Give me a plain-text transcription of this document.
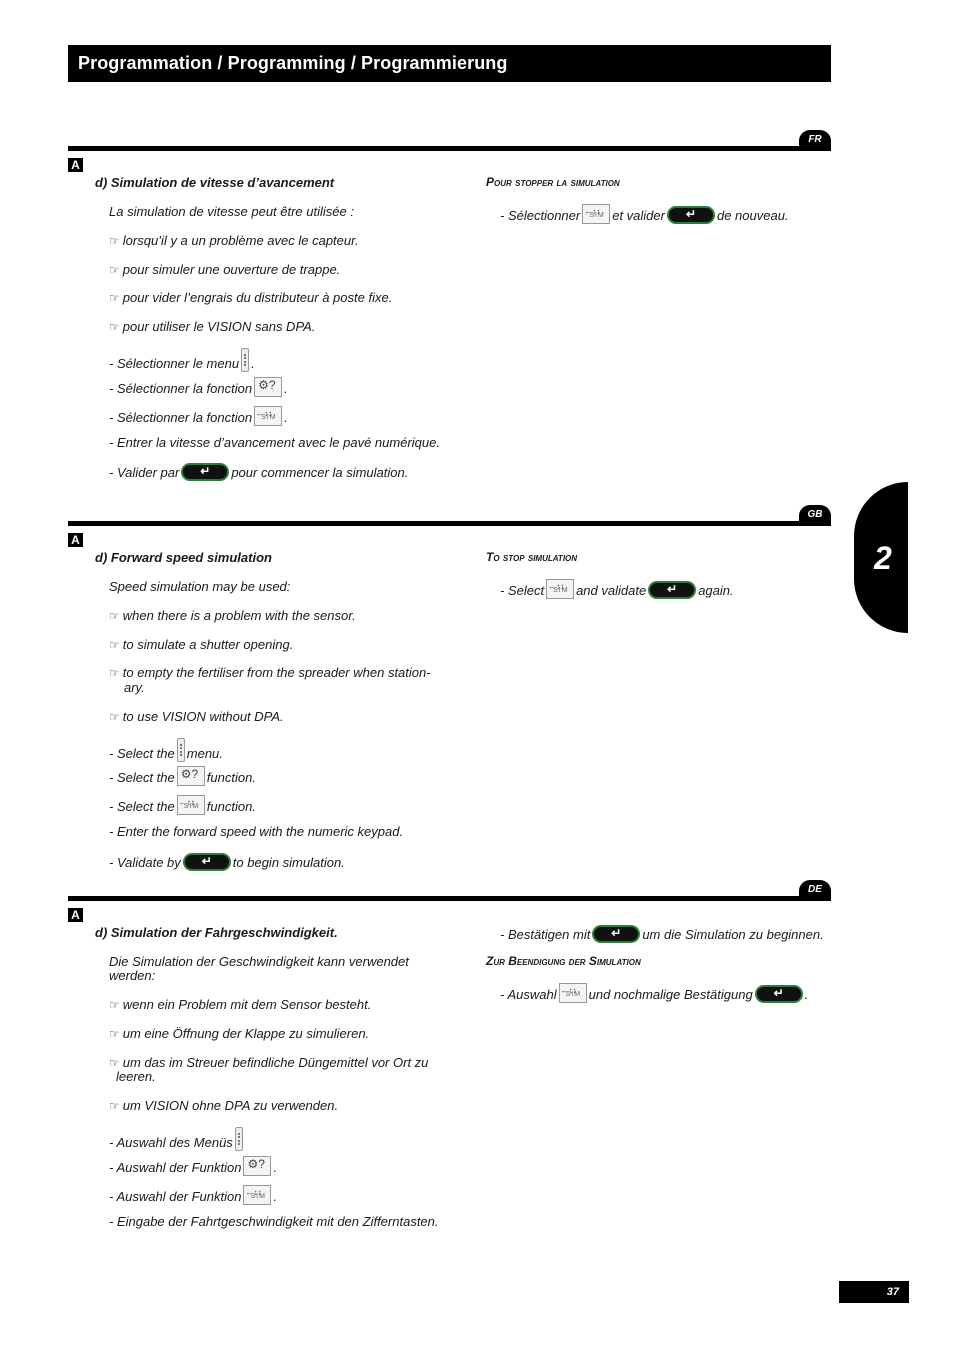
Programmation / Programming / Programmierung
FR
A
d) Simulation de vitesse d’avancement
La simulation de vitesse peut être utilisée :
☞ lorsqu’il y a un problème avec le capteur.
☞ pour simuler une ouverture de trappe.
☞ pour vider l’engrais du distributeur à poste fixe.
☞ pour utiliser le VISION sans DPA.
- Sélectionner le menu .
- Sélectionner la fonction ⚙? .
- Sélectionner la fonction ←↕↕ SIM .
- Entrer la vitesse d’avancement avec le pavé numérique.
- Valider par ↵	pour commencer la simulation.
Pour stopper la simulation
- Sélectionner ←↕↕ SIM et valider ↵	de nouveau.
GB
A
d) Forward speed simulation
Speed simulation may be used:
☞ when there is a problem with the sensor.
☞ to simulate a shutter opening.
☞ to empty the fertiliser from the spreader when station-
ary.
☞ to use VISION without DPA.
- Select the menu.
- Select the ⚙? function.
- Select the ←↕↕ SIM function.
- Enter the forward speed with the numeric keypad.
- Validate by ↵	to begin simulation.
To stop simulation
- Select ←↕↕ SIM and validate ↵	again.
DE
A
d) Simulation der Fahrgeschwindigkeit.
Die Simulation der Geschwindigkeit kann verwendet
werden:
☞ wenn ein Problem mit dem Sensor besteht.
☞ um eine Öffnung der Klappe zu simulieren.
☞ um das im Streuer befindliche Düngemittel vor Ort zu
leeren.
☞ um VISION ohne DPA zu verwenden.
- Auswahl des Menüs
- Auswahl der Funktion ⚙? .
- Auswahl der Funktion ←↕↕ SIM .
- Eingabe der Fahrtgeschwindigkeit mit den Zifferntasten.
- Bestätigen mit ↵	um die Simulation zu beginnen.
Zur Beendigung der Simulation
- Auswahl ←↕↕ SIM und nochmalige Bestätigung ↵	.
2
37
